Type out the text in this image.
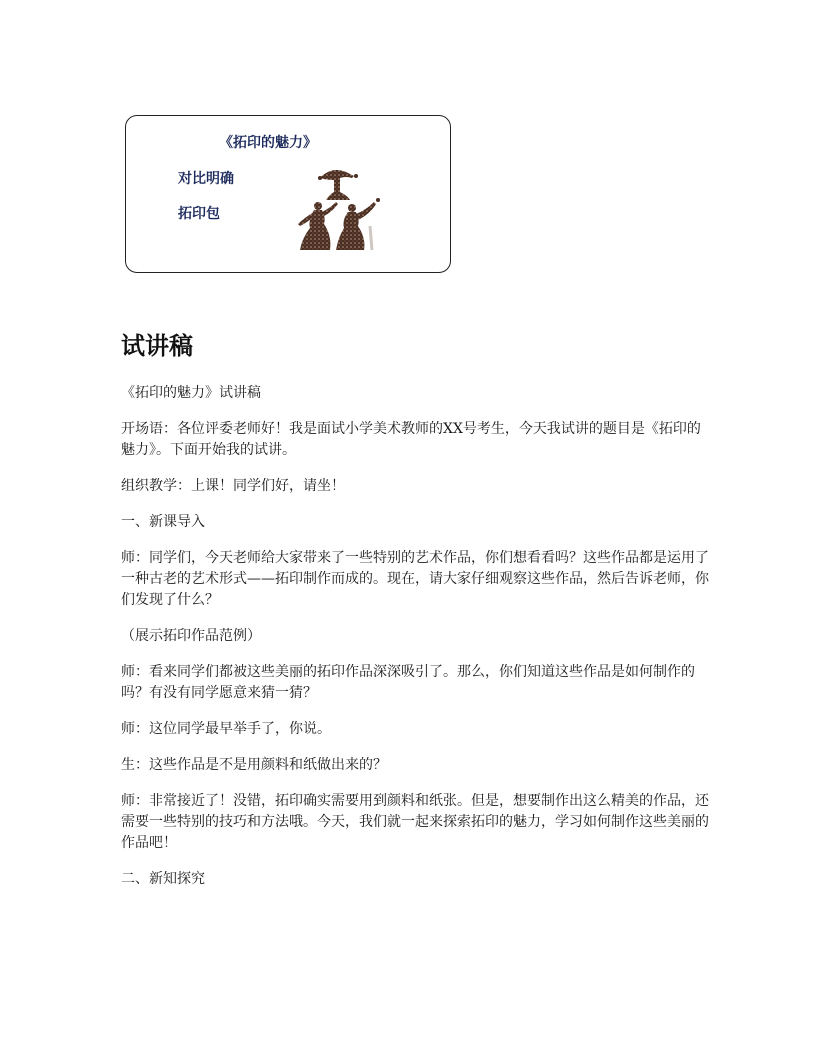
《拓印的魅力》
对比明确
拓印包
试讲稿

《拓印的魅力》试讲稿

开场语：各位评委老师好！我是面试小学美术教师的XX号考生，今天我试讲的题目是《拓印的魅力》。下面开始我的试讲。

组织教学：上课！同学们好，请坐！

一、新课导入

师：同学们，今天老师给大家带来了一些特别的艺术作品，你们想看看吗？这些作品都是运用了一种古老的艺术形式——拓印制作而成的。现在，请大家仔细观察这些作品，然后告诉老师，你们发现了什么？

（展示拓印作品范例）

师：看来同学们都被这些美丽的拓印作品深深吸引了。那么，你们知道这些作品是如何制作的吗？有没有同学愿意来猜一猜？

师：这位同学最早举手了，你说。

生：这些作品是不是用颜料和纸做出来的？

师：非常接近了！没错，拓印确实需要用到颜料和纸张。但是，想要制作出这么精美的作品，还需要一些特别的技巧和方法哦。今天，我们就一起来探索拓印的魅力，学习如何制作这些美丽的作品吧！

二、新知探究
